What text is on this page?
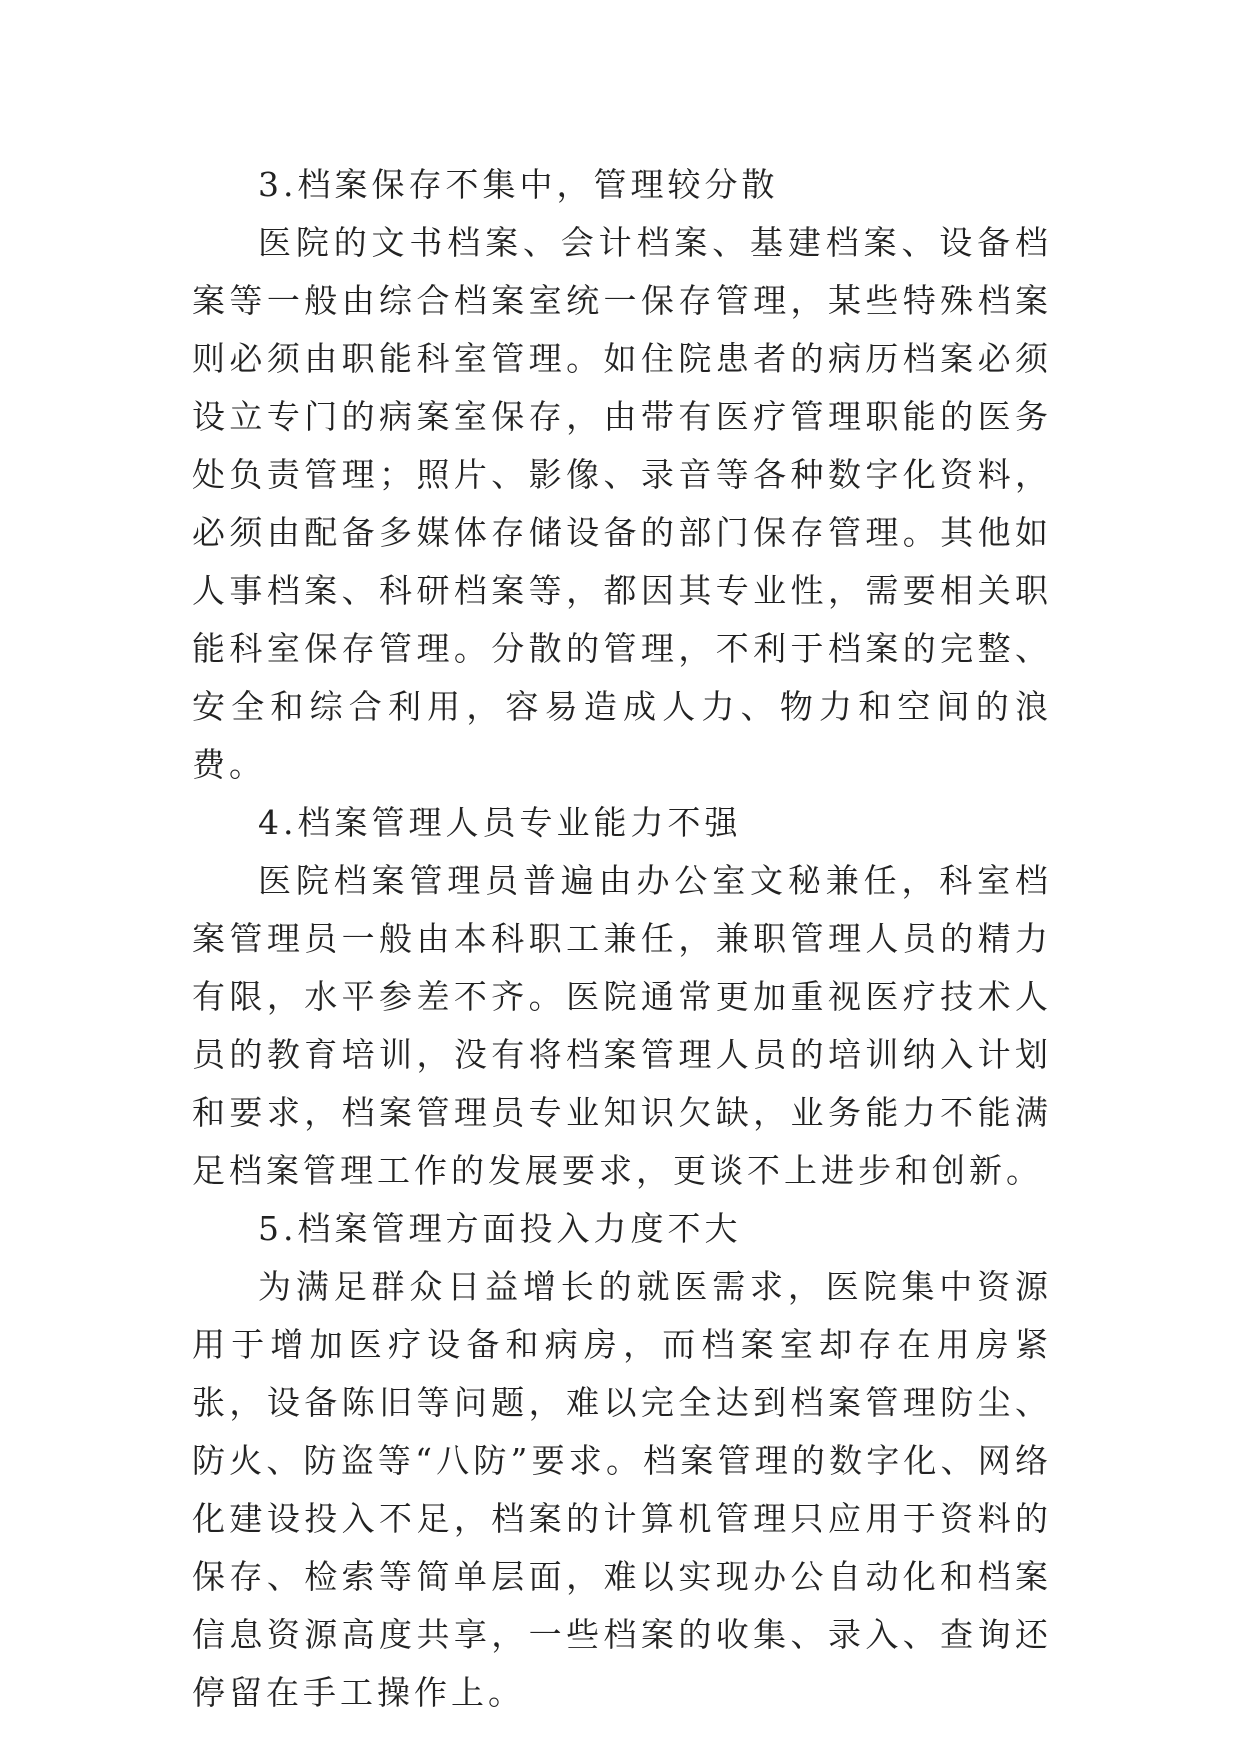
3.档案保存不集中，管理较分散

医院的文书档案、会计档案、基建档案、设备档案等一般由综合档案室统一保存管理，某些特殊档案则必须由职能科室管理。如住院患者的病历档案必须设立专门的病案室保存，由带有医疗管理职能的医务处负责管理；照片、影像、录音等各种数字化资料，必须由配备多媒体存储设备的部门保存管理。其他如人事档案、科研档案等，都因其专业性，需要相关职能科室保存管理。分散的管理，不利于档案的完整、安全和综合利用，容易造成人力、物力和空间的浪费。

4.档案管理人员专业能力不强

医院档案管理员普遍由办公室文秘兼任，科室档案管理员一般由本科职工兼任，兼职管理人员的精力有限，水平参差不齐。医院通常更加重视医疗技术人员的教育培训，没有将档案管理人员的培训纳入计划和要求，档案管理员专业知识欠缺，业务能力不能满足档案管理工作的发展要求，更谈不上进步和创新。

5.档案管理方面投入力度不大

为满足群众日益增长的就医需求，医院集中资源用于增加医疗设备和病房，而档案室却存在用房紧张，设备陈旧等问题，难以完全达到档案管理防尘、防火、防盗等“八防”要求。档案管理的数字化、网络化建设投入不足，档案的计算机管理只应用于资料的保存、检索等简单层面，难以实现办公自动化和档案信息资源高度共享，一些档案的收集、录入、查询还停留在手工操作上。
